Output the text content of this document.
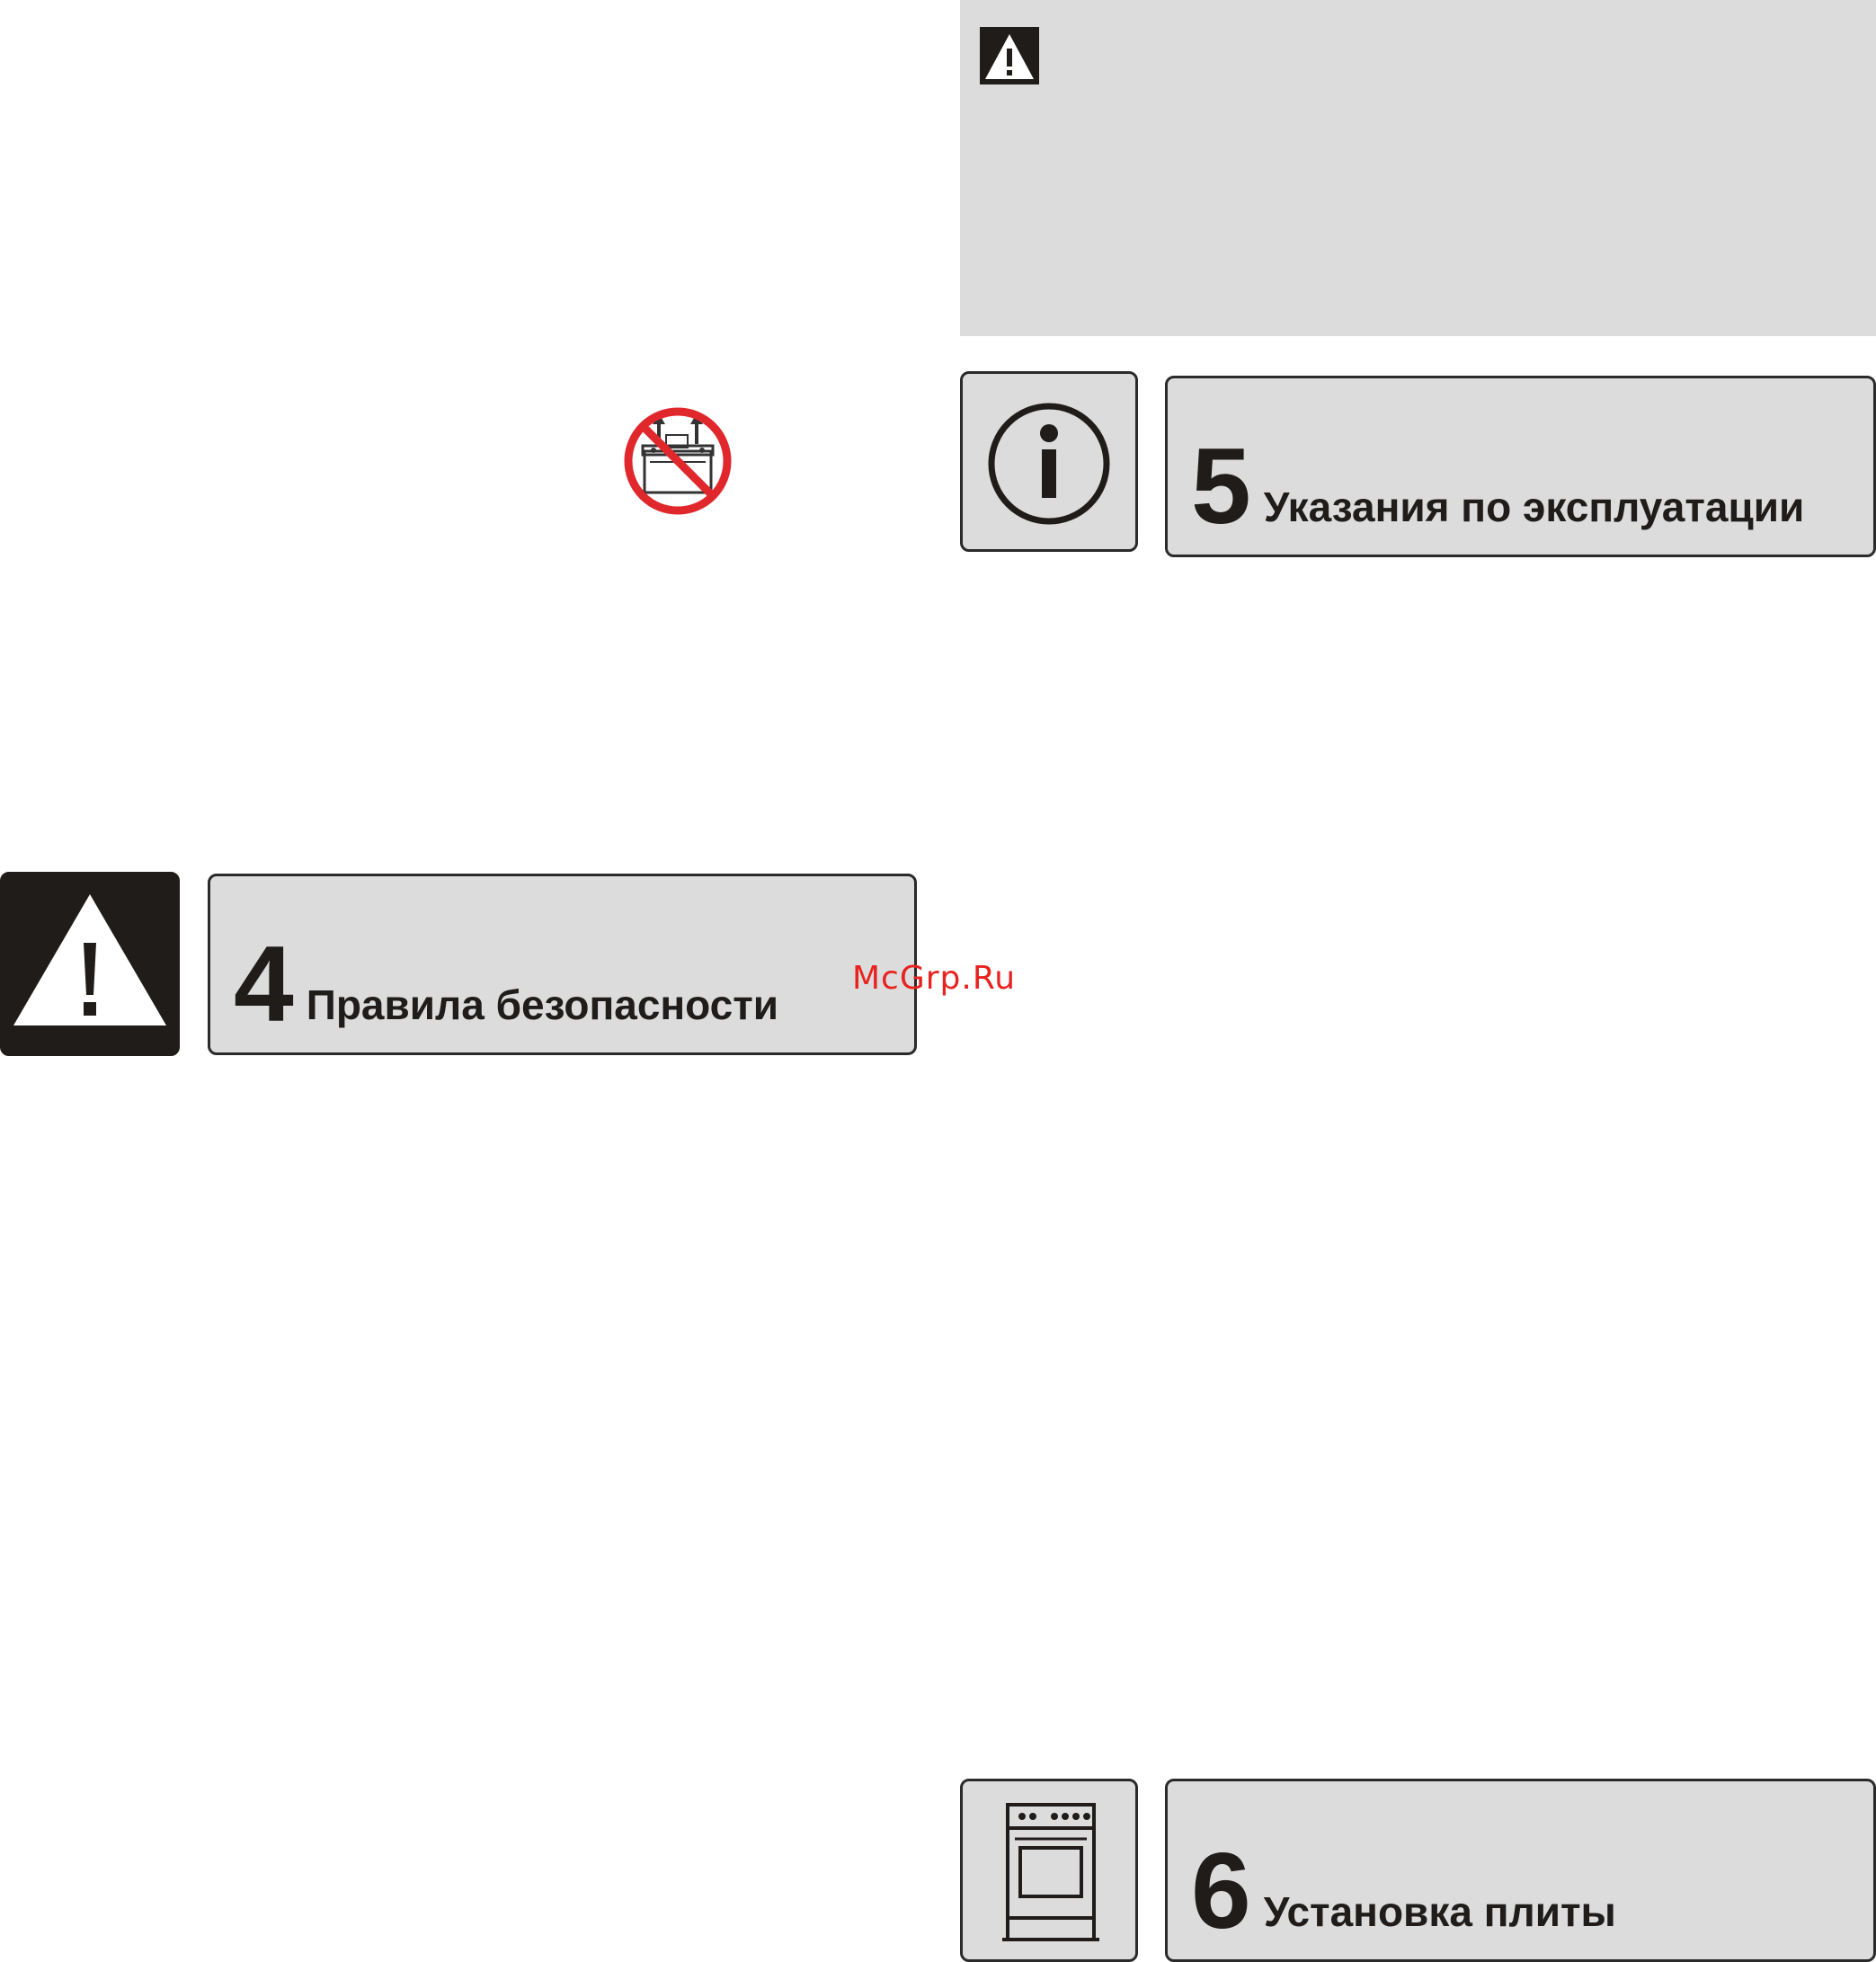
4 Правила безопасности
5 Указания по эксплуатации
McGrp.Ru
6 Установка плиты
